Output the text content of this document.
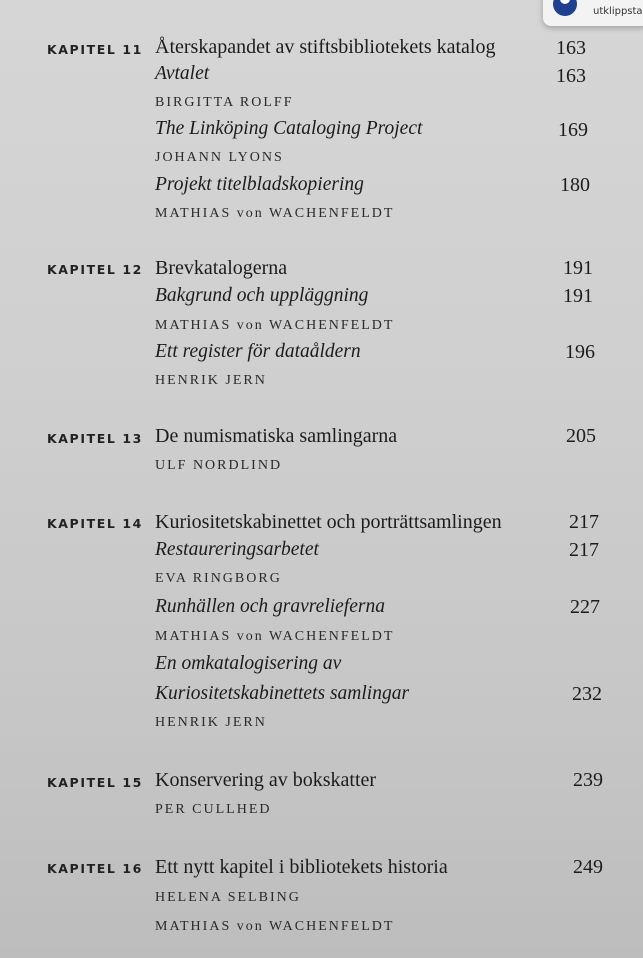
utklippsta
KAPITEL 11 Återskapandet av stiftsbibliotekets katalog	163
Avtalet	163
BIRGITTA ROLFF
The Linköping Cataloging Project	169
JOHANN LYONS
Projekt titelbladskopiering	180
MATHIAS von WACHENFELDT
KAPITEL 12 Brevkatalogerna	191
Bakgrund och uppläggning	191
MATHIAS von WACHENFELDT
Ett register för dataåldern	196
HENRIK JERN
KAPITEL 13 De numismatiska samlingarna	205
ULF NORDLIND
KAPITEL 14 Kuriositetskabinettet och porträttsamlingen	217
Restaureringsarbetet	217
EVA RINGBORG
Runhällen och gravrelieferna	227
MATHIAS von WACHENFELDT
En omkatalogisering av
Kuriositetskabinettets samlingar	232
HENRIK JERN
KAPITEL 15 Konservering av bokskatter	239
PER CULLHED
KAPITEL 16 Ett nytt kapitel i bibliotekets historia	249
HELENA SELBING
MATHIAS von WACHENFELDT
